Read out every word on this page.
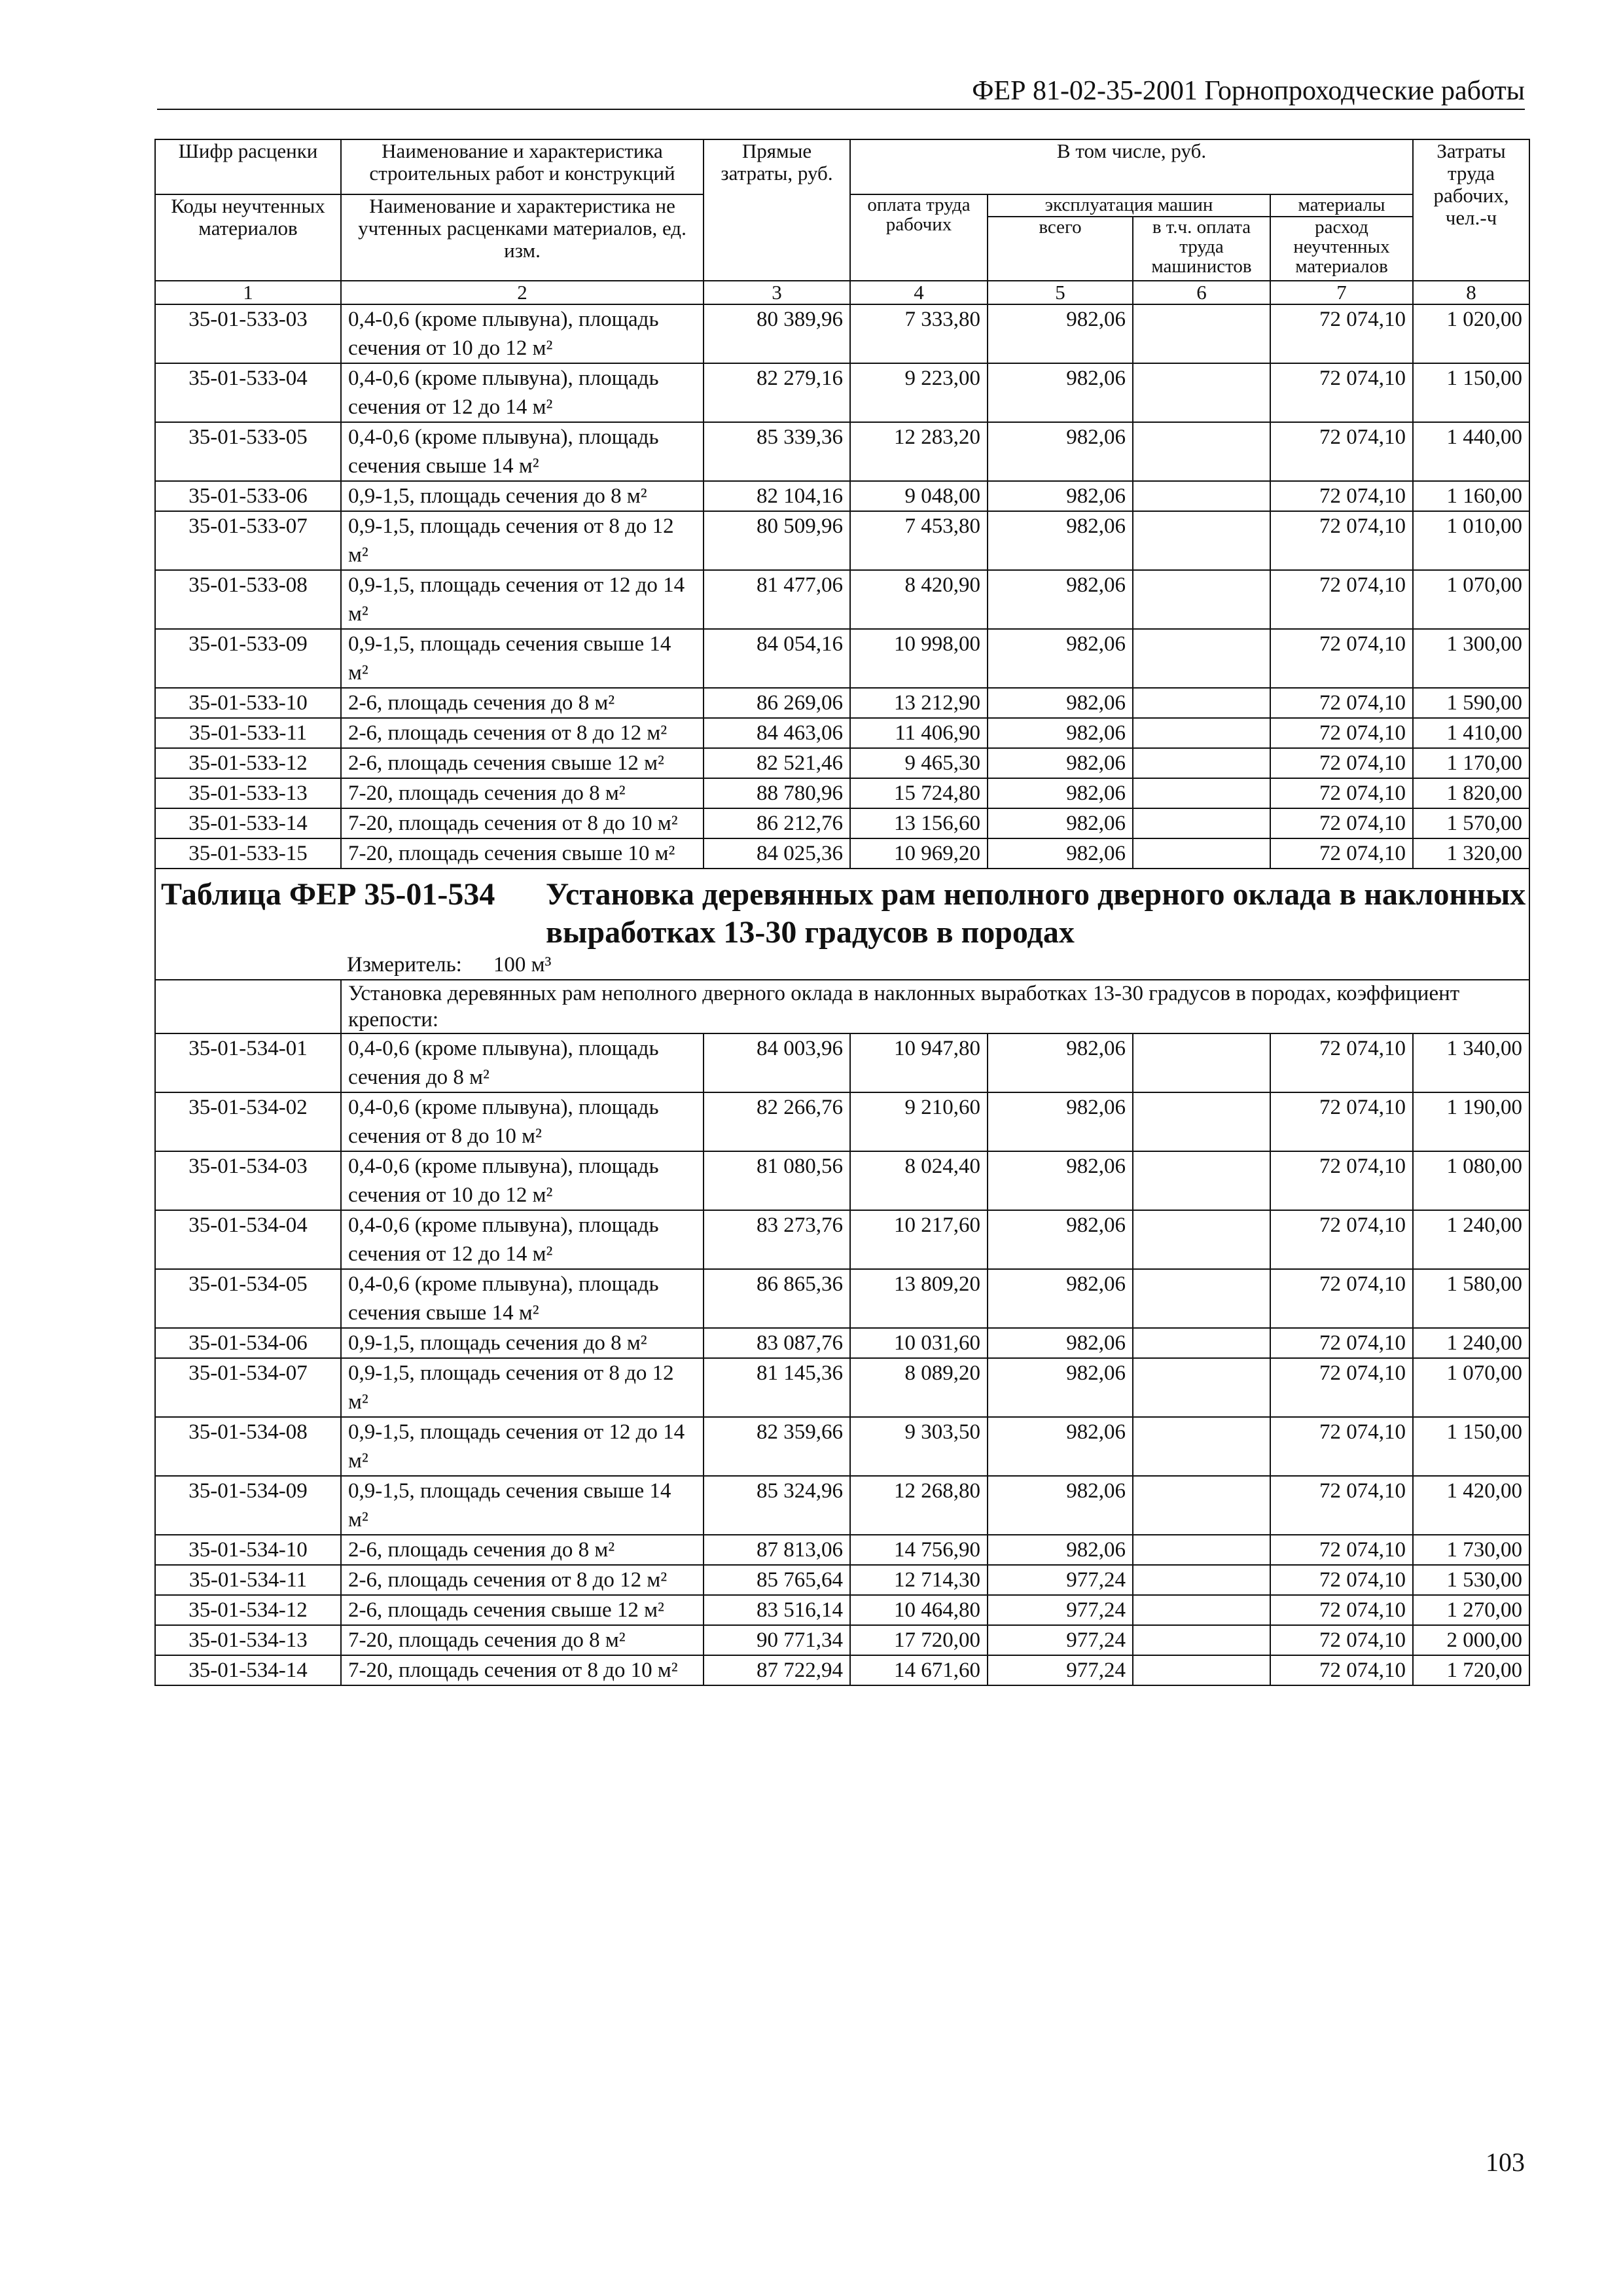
ФЕР 81-02-35-2001 Горнопроходческие работы
Шифр расценки	Наименование и характеристика строительных работ и конструкций	Прямые затраты, руб.	В том числе, руб.				Затраты труда рабочих, чел.-ч
Коды неучтенных материалов	Наименование и характеристика не учтенных расценками материалов, ед. изм.		оплата труда рабочих	эксплуатация машин		материалы	
				всего	в т.ч. оплата труда машинистов	расход неучтенных материалов	
1	2	3	4	5	6	7	8
35-01-533-03	0,4-0,6 (кроме плывуна), площадь сечения от 10 до 12 м²	80 389,96	7 333,80	982,06		72 074,10	1 020,00
35-01-533-04	0,4-0,6 (кроме плывуна), площадь сечения от 12 до 14 м²	82 279,16	9 223,00	982,06		72 074,10	1 150,00
35-01-533-05	0,4-0,6 (кроме плывуна), площадь сечения свыше 14 м²	85 339,36	12 283,20	982,06		72 074,10	1 440,00
35-01-533-06	0,9-1,5, площадь сечения до 8 м²	82 104,16	9 048,00	982,06		72 074,10	1 160,00
35-01-533-07	0,9-1,5, площадь сечения от 8 до 12 м²	80 509,96	7 453,80	982,06		72 074,10	1 010,00
35-01-533-08	0,9-1,5, площадь сечения от 12 до 14 м²	81 477,06	8 420,90	982,06		72 074,10	1 070,00
35-01-533-09	0,9-1,5, площадь сечения свыше 14 м²	84 054,16	10 998,00	982,06		72 074,10	1 300,00
35-01-533-10	2-6, площадь сечения до 8 м²	86 269,06	13 212,90	982,06		72 074,10	1 590,00
35-01-533-11	2-6, площадь сечения от 8 до 12 м²	84 463,06	11 406,90	982,06		72 074,10	1 410,00
35-01-533-12	2-6, площадь сечения свыше 12 м²	82 521,46	9 465,30	982,06		72 074,10	1 170,00
35-01-533-13	7-20, площадь сечения до 8 м²	88 780,96	15 724,80	982,06		72 074,10	1 820,00
35-01-533-14	7-20, площадь сечения от 8 до 10 м²	86 212,76	13 156,60	982,06		72 074,10	1 570,00
35-01-533-15	7-20, площадь сечения свыше 10 м²	84 025,36	10 969,20	982,06		72 074,10	1 320,00

Таблица ФЕР 35-01-534 Установка деревянных рам неполного дверного оклада в наклонных выработках 13-30 градусов в породах
Измеритель: 100 м³							

	Установка деревянных рам неполного дверного оклада в наклонных выработках 13-30 градусов в породах, коэффициент крепости:						
35-01-534-01	0,4-0,6 (кроме плывуна), площадь сечения до 8 м²	84 003,96	10 947,80	982,06		72 074,10	1 340,00
35-01-534-02	0,4-0,6 (кроме плывуна), площадь сечения от 8 до 10 м²	82 266,76	9 210,60	982,06		72 074,10	1 190,00
35-01-534-03	0,4-0,6 (кроме плывуна), площадь сечения от 10 до 12 м²	81 080,56	8 024,40	982,06		72 074,10	1 080,00
35-01-534-04	0,4-0,6 (кроме плывуна), площадь сечения от 12 до 14 м²	83 273,76	10 217,60	982,06		72 074,10	1 240,00
35-01-534-05	0,4-0,6 (кроме плывуна), площадь сечения свыше 14 м²	86 865,36	13 809,20	982,06		72 074,10	1 580,00
35-01-534-06	0,9-1,5, площадь сечения до 8 м²	83 087,76	10 031,60	982,06		72 074,10	1 240,00
35-01-534-07	0,9-1,5, площадь сечения от 8 до 12 м²	81 145,36	8 089,20	982,06		72 074,10	1 070,00
35-01-534-08	0,9-1,5, площадь сечения от 12 до 14 м²	82 359,66	9 303,50	982,06		72 074,10	1 150,00
35-01-534-09	0,9-1,5, площадь сечения свыше 14 м²	85 324,96	12 268,80	982,06		72 074,10	1 420,00
35-01-534-10	2-6, площадь сечения до 8 м²	87 813,06	14 756,90	982,06		72 074,10	1 730,00
35-01-534-11	2-6, площадь сечения от 8 до 12 м²	85 765,64	12 714,30	977,24		72 074,10	1 530,00
35-01-534-12	2-6, площадь сечения свыше 12 м²	83 516,14	10 464,80	977,24		72 074,10	1 270,00
35-01-534-13	7-20, площадь сечения до 8 м²	90 771,34	17 720,00	977,24		72 074,10	2 000,00
35-01-534-14	7-20, площадь сечения от 8 до 10 м²	87 722,94	14 671,60	977,24		72 074,10	1 720,00
103
